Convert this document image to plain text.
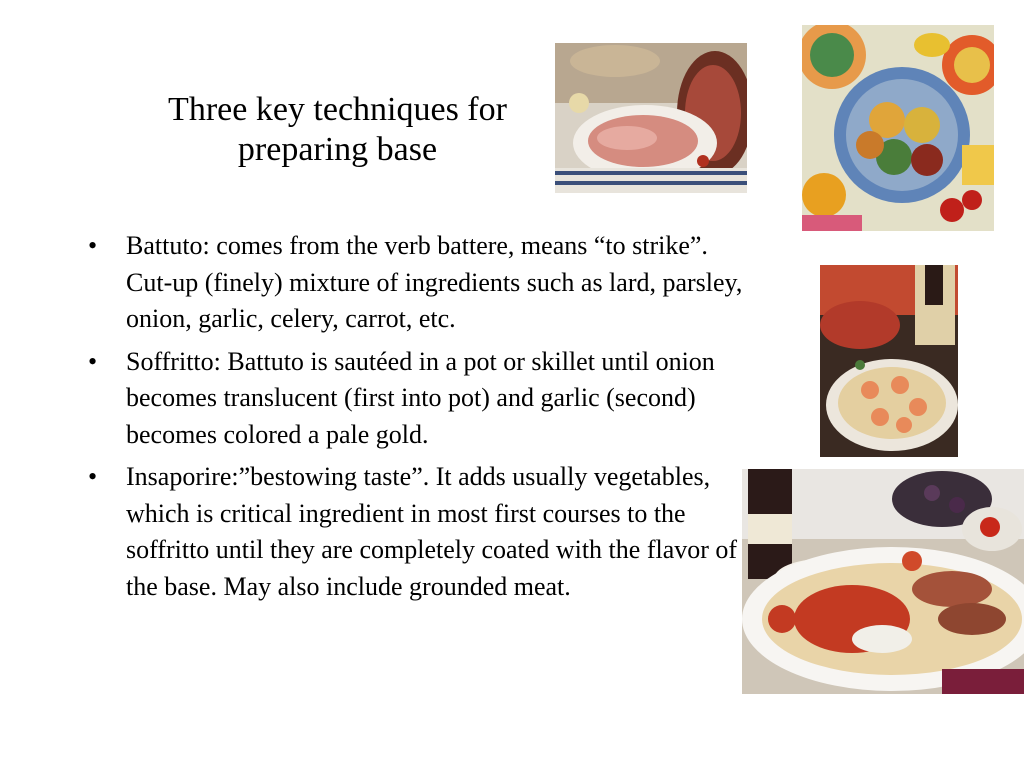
Three key techniques for
preparing base
• Battuto: comes from the verb battere, means “to strike”. Cut-up (finely) mixture of ingredients such as lard, parsley, onion, garlic, celery, carrot, etc.
• Soffritto: Battuto is sautéed in a pot or skillet until onion becomes translucent (first into pot) and garlic (second) becomes colored a pale gold.
• Insaporire:”bestowing taste”. It adds usually vegetables, which is critical ingredient in most first courses to the soffritto until they are completely coated with the flavor of the base. May also include grounded meat.
